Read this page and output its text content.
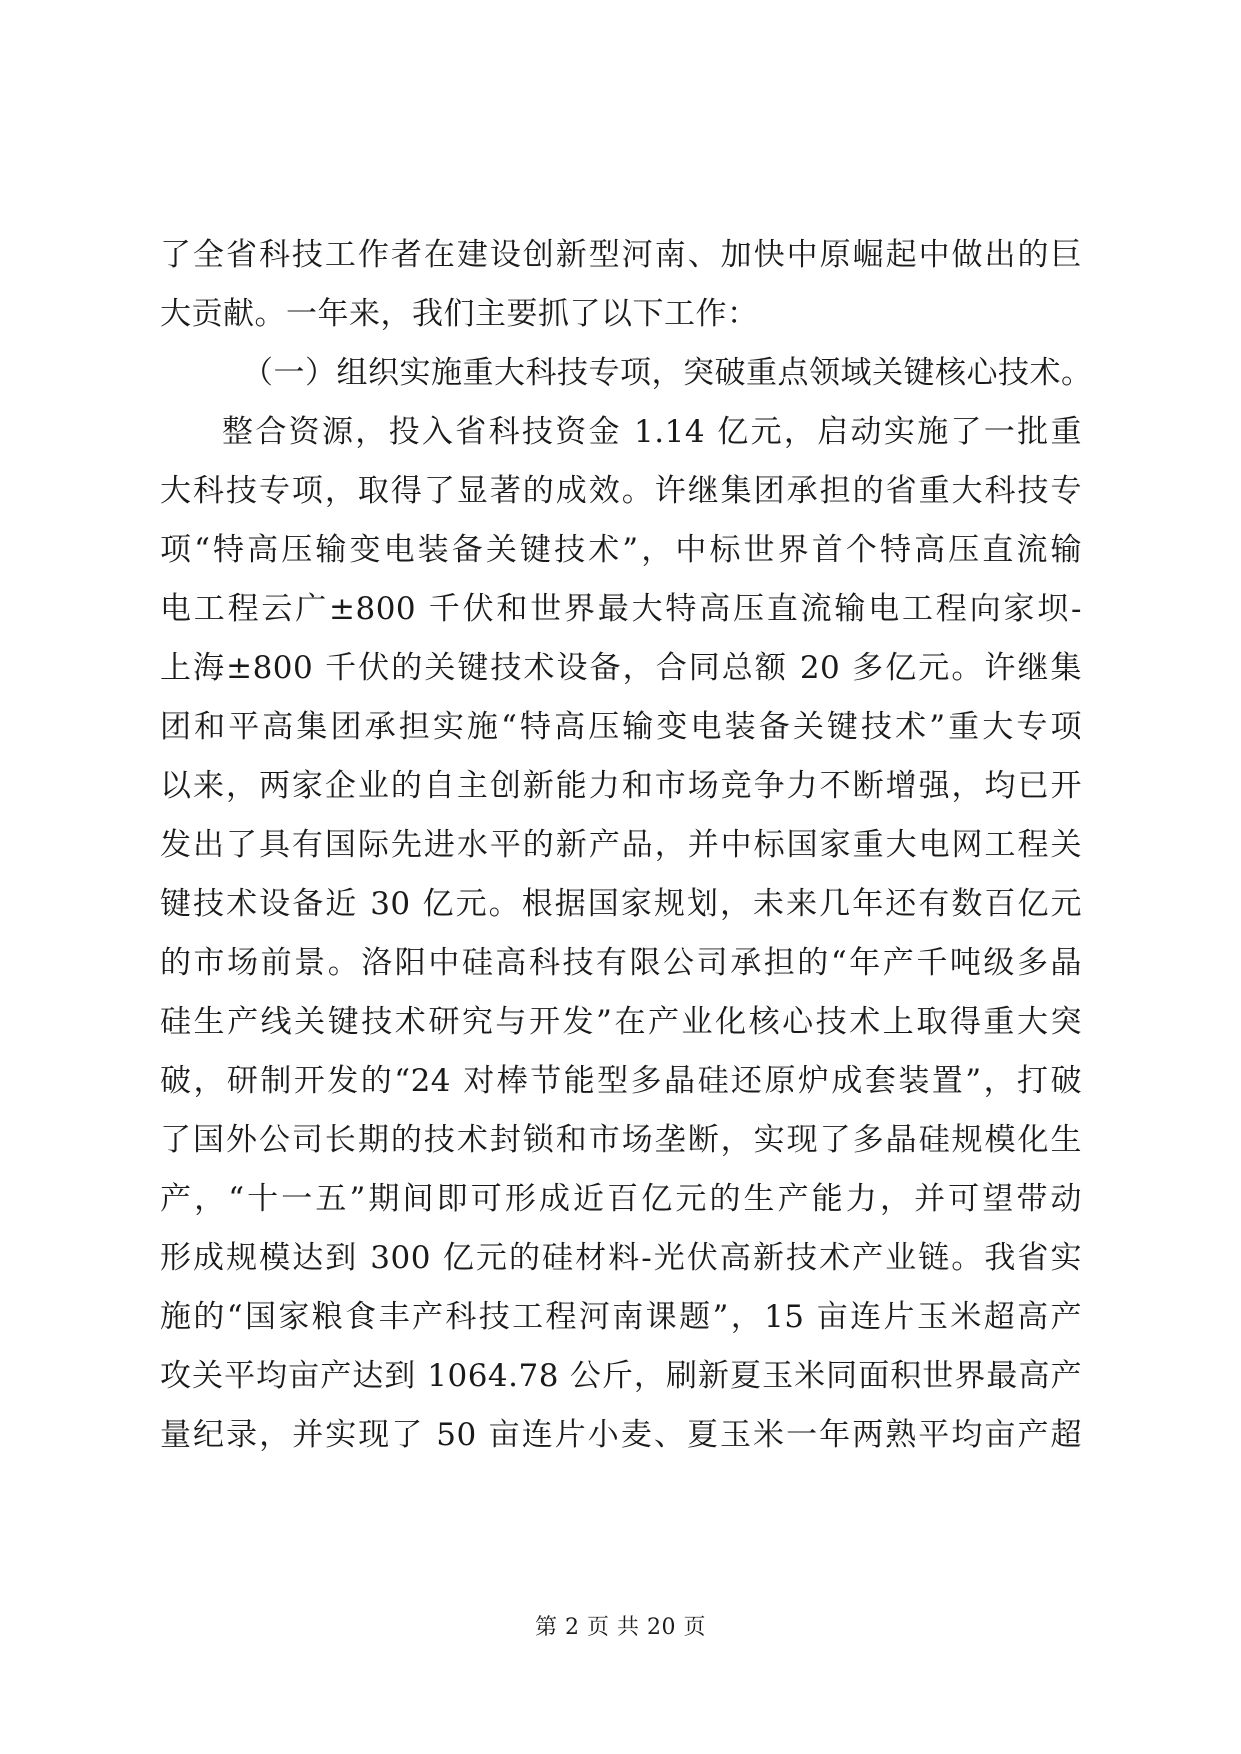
了全省科技工作者在建设创新型河南、加快中原崛起中做出的巨
大贡献。一年来，我们主要抓了以下工作：
（一）组织实施重大科技专项，突破重点领域关键核心技术。
整合资源，投入省科技资金 1.14 亿元，启动实施了一批重
大科技专项，取得了显著的成效。许继集团承担的省重大科技专
项“特高压输变电装备关键技术”，中标世界首个特高压直流输
电工程云广±800 千伏和世界最大特高压直流输电工程向家坝-
上海±800 千伏的关键技术设备，合同总额 20 多亿元。许继集
团和平高集团承担实施“特高压输变电装备关键技术”重大专项
以来，两家企业的自主创新能力和市场竞争力不断增强，均已开
发出了具有国际先进水平的新产品，并中标国家重大电网工程关
键技术设备近 30 亿元。根据国家规划，未来几年还有数百亿元
的市场前景。洛阳中硅高科技有限公司承担的“年产千吨级多晶
硅生产线关键技术研究与开发”在产业化核心技术上取得重大突
破，研制开发的“24 对棒节能型多晶硅还原炉成套装置”，打破
了国外公司长期的技术封锁和市场垄断，实现了多晶硅规模化生
产，“十一五”期间即可形成近百亿元的生产能力，并可望带动
形成规模达到 300 亿元的硅材料-光伏高新技术产业链。我省实
施的“国家粮食丰产科技工程河南课题”，15 亩连片玉米超高产
攻关平均亩产达到 1064.78 公斤，刷新夏玉米同面积世界最高产
量纪录，并实现了 50 亩连片小麦、夏玉米一年两熟平均亩产超
第 2 页 共 20 页
